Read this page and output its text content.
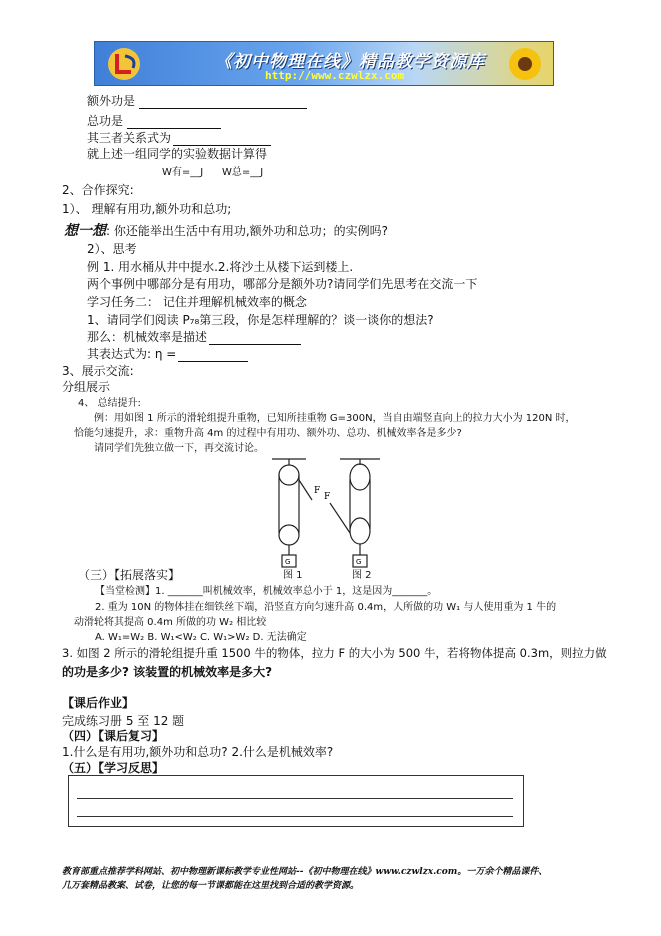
《初中物理在线》精品教学资源库
http://www.czwlzx.com
额外功是
总功是
其三者关系式为
就上述一组同学的实验数据计算得
W有=__J W总=__J
2、合作探究:
1）、 理解有用功,额外功和总功;
想一想: 你还能举出生活中有用功,额外功和总功；的实例吗?
2）、思考
例 1. 用水桶从井中提水.2.将沙土从楼下运到楼上.
两个事例中哪部分是有用功，哪部分是额外功?请同学们先思考在交流一下
学习任务二： 记住并理解机械效率的概念
1、请同学们阅读 P₇₈第三段，你是怎样理解的？谈一谈你的想法?
那么：机械效率是描述
其表达式为: η =
3、展示交流:
分组展示
4、 总结提升:
例：用如图 1 所示的滑轮组提升重物，已知所挂重物 G=300N，当自由端竖直向上的拉力大小为 120N 时，
恰能匀速提升，求：重物升高 4m 的过程中有用功、额外功、总功、机械效率各是多少?
请同学们先独立做一下，再交流讨论。
F
F
G	G
（三）【拓展落实】	图 1	图 2
【当堂检测】1. _______叫机械效率，机械效率总小于 1，这是因为_______。
2. 重为 10N 的物体挂在细铁丝下端，沿竖直方向匀速升高 0.4m，人所做的功 W₁ 与人使用重为 1 牛的
动滑轮将其提高 0.4m 所做的功 W₂ 相比较
A. W₁=W₂ B. W₁<W₂ C. W₁>W₂ D. 无法确定
3. 如图 2 所示的滑轮组提升重 1500 牛的物体，拉力 F 的大小为 500 牛，若将物体提高 0.3m，则拉力做
的功是多少? 该装置的机械效率是多大?
【课后作业】
完成练习册 5 至 12 题
（四）【课后复习】
1.什么是有用功,额外功和总功? 2.什么是机械效率?
（五）【学习反思】
教育部重点推荐学科网站、初中物理新课标教学专业性网站--《初中物理在线》www.czwlzx.com。一万余个精品课件、
几万套精品教案、试卷，让您的每一节课都能在这里找到合适的教学资源。
